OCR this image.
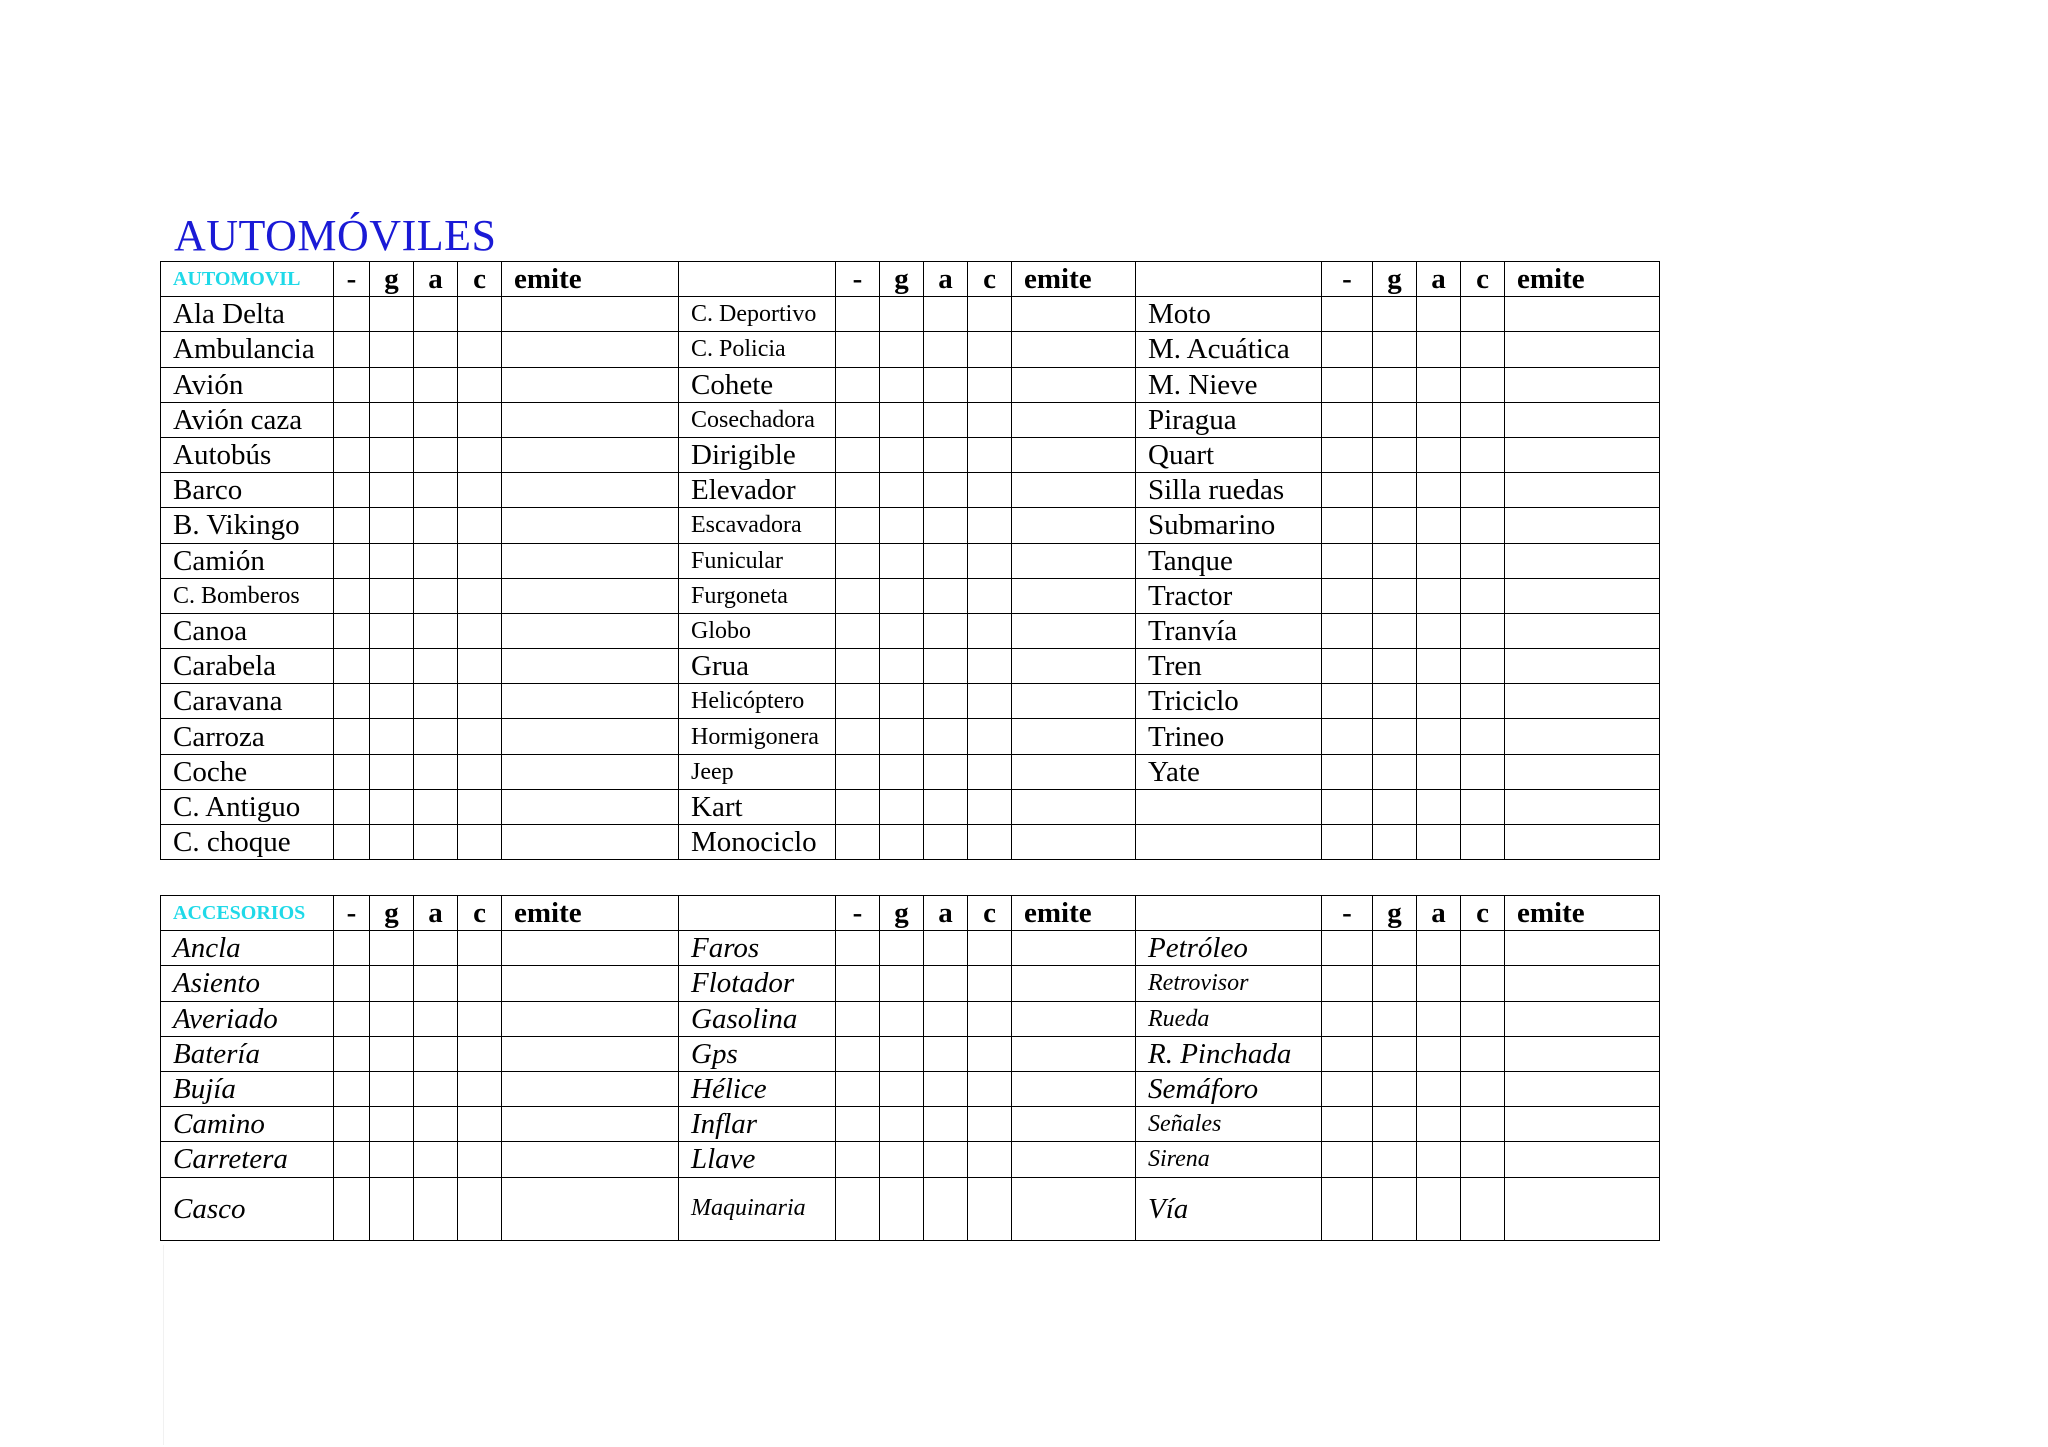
AUTOMÓVILES
AUTOMOVIL	-	g	a	c	emite		-	g	a	c	emite		-	g	a	c	emite
Ala Delta						C. Deportivo						Moto					
Ambulancia						C. Policia						M. Acuática					
Avión						Cohete						M. Nieve					
Avión caza						Cosechadora						Piragua					
Autobús						Dirigible						Quart					
Barco						Elevador						Silla ruedas					
B. Vikingo						Escavadora						Submarino					
Camión						Funicular						Tanque					
C. Bomberos						Furgoneta						Tractor					
Canoa						Globo						Tranvía					
Carabela						Grua						Tren					
Caravana						Helicóptero						Triciclo					
Carroza						Hormigonera						Trineo					
Coche						Jeep						Yate					
C. Antiguo						Kart											
C. choque						Monociclo											
ACCESORIOS	-	g	a	c	emite		-	g	a	c	emite		-	g	a	c	emite
Ancla						Faros						Petróleo					
Asiento						Flotador						Retrovisor					
Averiado						Gasolina						Rueda					
Batería						Gps						R. Pinchada					
Bujía						Hélice						Semáforo					
Camino						Inflar						Señales					
Carretera						Llave						Sirena					
Casco						Maquinaria						Vía					
